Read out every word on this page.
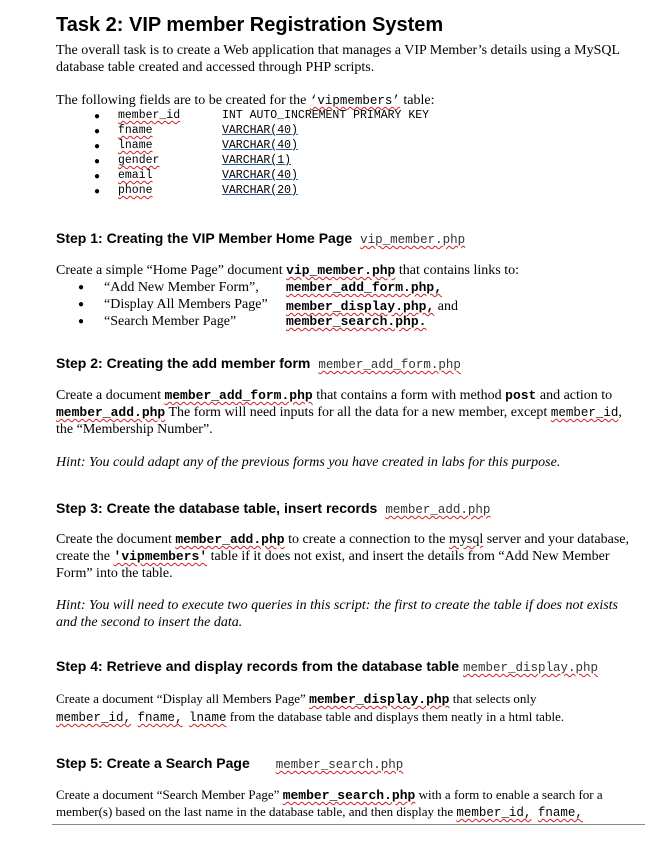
Task 2: VIP member Registration System
The overall task is to create a Web application that manages a VIP Member’s details using a MySQL
database table created and accessed through PHP scripts.
The following fields are to be created for the ‘vipmembers’ table:
● member_id	INT AUTO_INCREMENT PRIMARY KEY
● fname	VARCHAR(40)
● lname	VARCHAR(40)
● gender	VARCHAR(1)
● email	VARCHAR(40)
● phone	VARCHAR(20)
Step 1: Creating the VIP Member Home Page vip_member.php
Create a simple “Home Page” document vip_member.php that contains links to:
● “Add New Member Form”, member_add_form.php,
● “Display All Members Page” member_display.php, and
● “Search Member Page”	member_search.php.
Step 2: Creating the add member form member_add_form.php
Create a document member_add_form.php that contains a form with method post and action to
member_add.php The form will need inputs for all the data for a new member, except member_id,
the “Membership Number”.
Hint: You could adapt any of the previous forms you have created in labs for this purpose.
Step 3: Create the database table, insert records member_add.php
Create the document member_add.php to create a connection to the mysql server and your database,
create the 'vipmembers' table if it does not exist, and insert the details from “Add New Member
Form” into the table.
Hint: You will need to execute two queries in this script: the first to create the table if does not exists
and the second to insert the data.
Step 4: Retrieve and display records from the database table member_display.php
Create a document “Display all Members Page” member_display.php that selects only
member_id, fname, lname from the database table and displays them neatly in a html table.
Step 5: Create a Search Page member_search.php
Create a document “Search Member Page” member_search.php with a form to enable a search for a
member(s) based on the last name in the database table, and then display the member_id, fname,
